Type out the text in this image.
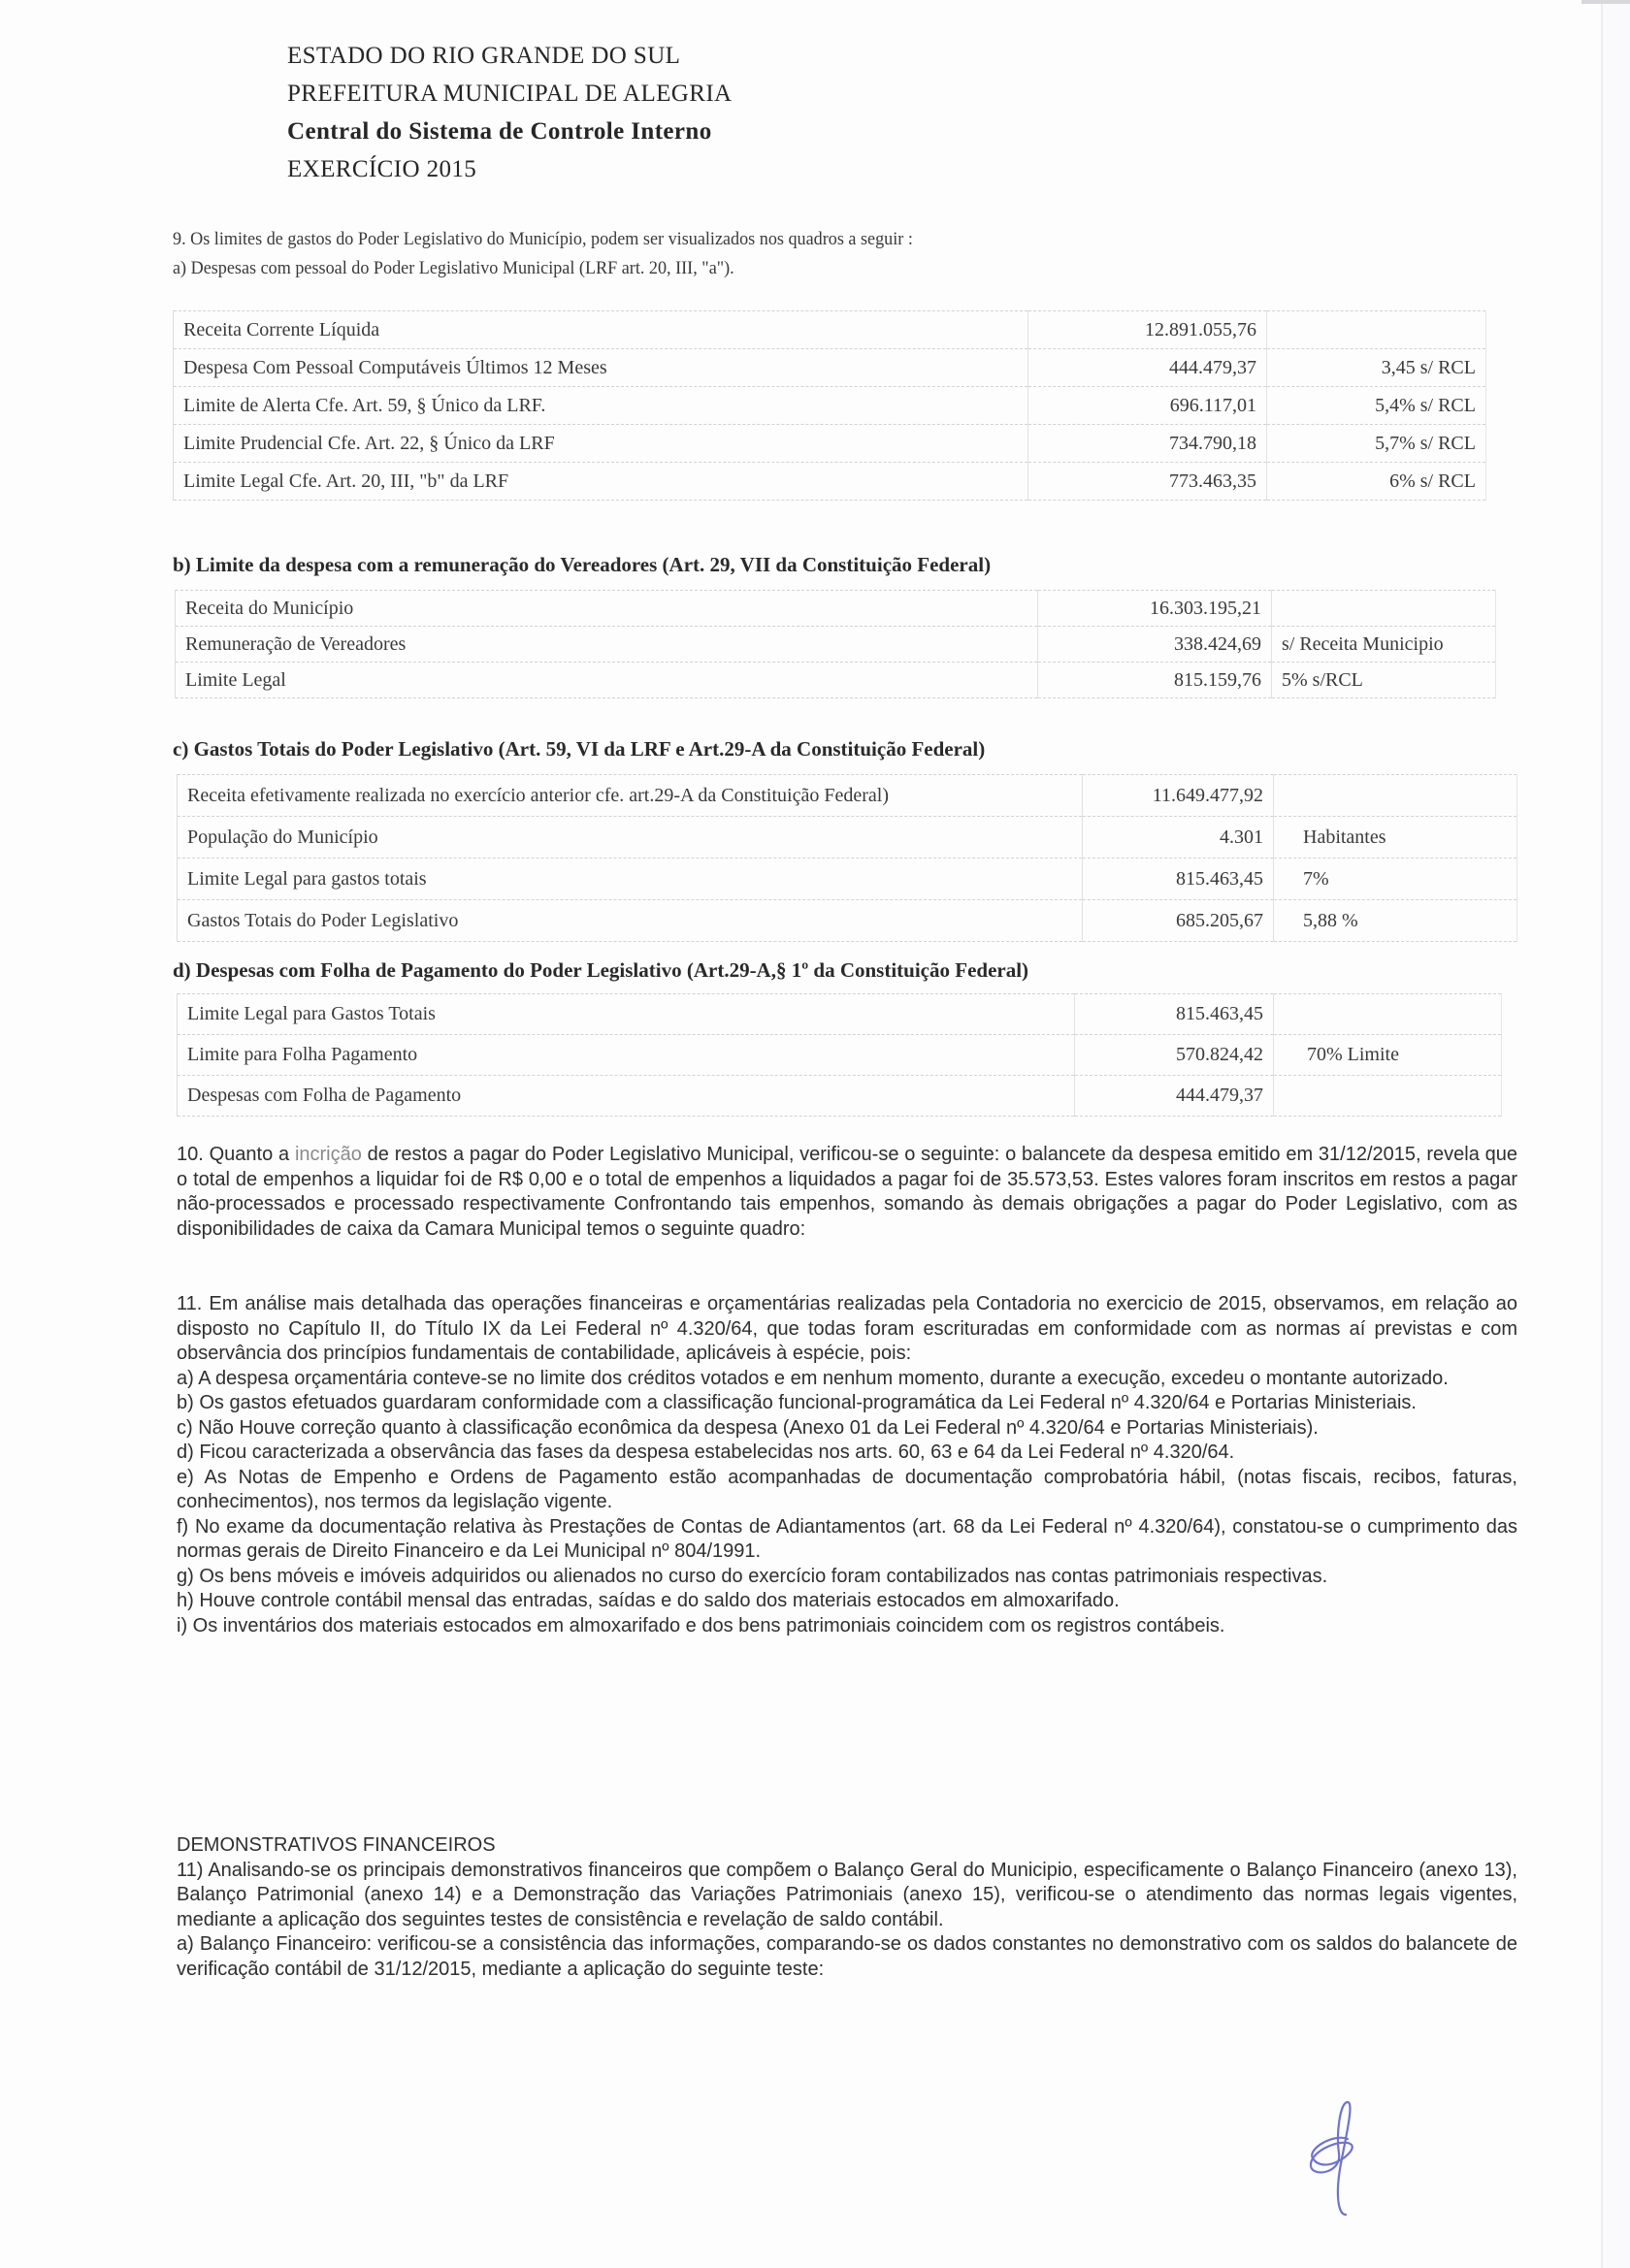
ESTADO DO RIO GRANDE DO SUL
PREFEITURA MUNICIPAL DE ALEGRIA
Central do Sistema de Controle Interno
EXERCÍCIO 2015
9. Os limites de gastos do Poder Legislativo do Município, podem ser visualizados nos quadros a seguir :
a) Despesas com pessoal do Poder Legislativo Municipal (LRF art. 20, III, "a").
Receita Corrente Líquida	12.891.055,76	
Despesa Com Pessoal Computáveis Últimos 12 Meses	444.479,37	3,45 s/ RCL
Limite de Alerta Cfe. Art. 59, § Único da LRF.	696.117,01	5,4% s/ RCL
Limite Prudencial Cfe. Art. 22, § Único da LRF	734.790,18	5,7% s/ RCL
Limite Legal Cfe. Art. 20, III, "b" da LRF	773.463,35	6% s/ RCL
b) Limite da despesa com a remuneração do Vereadores (Art. 29, VII da Constituição Federal)
Receita do Município	16.303.195,21	
Remuneração de Vereadores	338.424,69	s/ Receita Municipio
Limite Legal	815.159,76	5% s/RCL
c) Gastos Totais do Poder Legislativo (Art. 59, VI da LRF e Art.29-A da Constituição Federal)
Receita efetivamente realizada no exercício anterior cfe. art.29-A da Constituição Federal)	11.649.477,92	
População do Município	4.301	Habitantes
Limite Legal para gastos totais	815.463,45	7%
Gastos Totais do Poder Legislativo	685.205,67	5,88 %
d) Despesas com Folha de Pagamento do Poder Legislativo (Art.29-A,§ 1º da Constituição Federal)
Limite Legal para Gastos Totais	815.463,45	
Limite para Folha Pagamento	570.824,42	70% Limite
Despesas com Folha de Pagamento	444.479,37	

10. Quanto a incrição de restos a pagar do Poder Legislativo Municipal, verificou-se o seguinte: o balancete da despesa emitido em 31/12/2015, revela que o total de empenhos a liquidar foi de R$ 0,00 e o total de empenhos a liquidados a pagar foi de 35.573,53. Estes valores foram inscritos em restos a pagar não-processados e processado respectivamente Confrontando tais empenhos, somando às demais obrigações a pagar do Poder Legislativo, com as disponibilidades de caixa da Camara Municipal temos o seguinte quadro:

11. Em análise mais detalhada das operações financeiras e orçamentárias realizadas pela Contadoria no exercicio de 2015, observamos, em relação ao disposto no Capítulo II, do Título IX da Lei Federal nº 4.320/64, que todas foram escrituradas em conformidade com as normas aí previstas e com observância dos princípios fundamentais de contabilidade, aplicáveis à espécie, pois:

a) A despesa orçamentária conteve-se no limite dos créditos votados e em nenhum momento, durante a execução, excedeu o montante autorizado.

b) Os gastos efetuados guardaram conformidade com a classificação funcional-programática da Lei Federal nº 4.320/64 e Portarias Ministeriais.

c) Não Houve correção quanto à classificação econômica da despesa (Anexo 01 da Lei Federal nº 4.320/64 e Portarias Ministeriais).

d) Ficou caracterizada a observância das fases da despesa estabelecidas nos arts. 60, 63 e 64 da Lei Federal nº 4.320/64.

e) As Notas de Empenho e Ordens de Pagamento estão acompanhadas de documentação comprobatória hábil, (notas fiscais, recibos, faturas, conhecimentos), nos termos da legislação vigente.

f) No exame da documentação relativa às Prestações de Contas de Adiantamentos (art. 68 da Lei Federal nº 4.320/64), constatou-se o cumprimento das normas gerais de Direito Financeiro e da Lei Municipal nº 804/1991.

g) Os bens móveis e imóveis adquiridos ou alienados no curso do exercício foram contabilizados nas contas patrimoniais respectivas.

h) Houve controle contábil mensal das entradas, saídas e do saldo dos materiais estocados em almoxarifado.

i) Os inventários dos materiais estocados em almoxarifado e dos bens patrimoniais coincidem com os registros contábeis.

DEMONSTRATIVOS FINANCEIROS

11) Analisando-se os principais demonstrativos financeiros que compõem o Balanço Geral do Municipio, especificamente o Balanço Financeiro (anexo 13), Balanço Patrimonial (anexo 14) e a Demonstração das Variações Patrimoniais (anexo 15), verificou-se o atendimento das normas legais vigentes, mediante a aplicação dos seguintes testes de consistência e revelação de saldo contábil.

a) Balanço Financeiro: verificou-se a consistência das informações, comparando-se os dados constantes no demonstrativo com os saldos do balancete de verificação contábil de 31/12/2015, mediante a aplicação do seguinte teste:
